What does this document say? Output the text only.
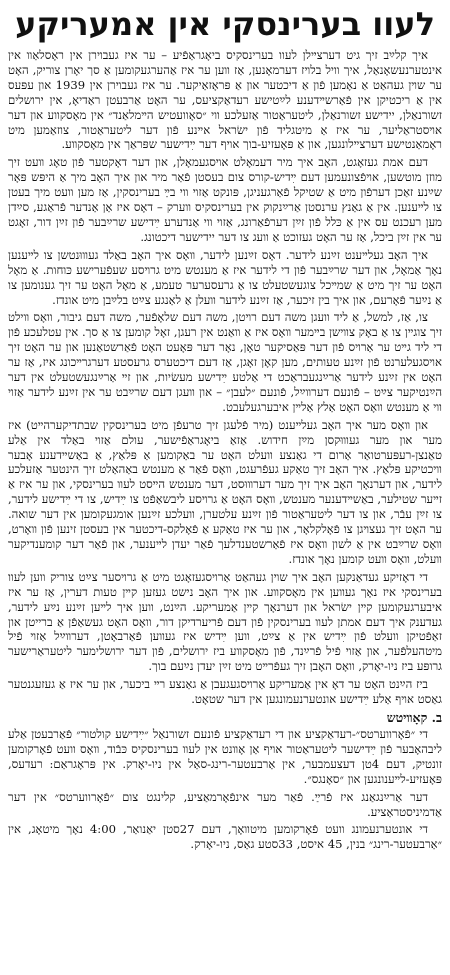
לעוו בערינסקי אין אמעריקע

איך קלײַב זיך גיט דערצײלן לעוו בערינסקיס ביאָגראַפֿיע – ער איז געבױרן אין ראָסלאַװ אין אינטערנעשאָנאַל, איך װיל בלױז דערמאָנען, אַז װען ער איז אַהערגעקומען אַ סך יאָרן צוריק, האָט ער שױן געהאַט אַ נאָמען פֿון אַ דיכטער און אַ פּראָזאַיקער. ער איז געבױרן אין 1939 און עפּעס אין אַ ריכטיקן אין פֿאַרשײדענע לײַטישע רעדאַקציעס, ער האָט אַרבעטן ראַדיאָ, אין ירושלים זשורנאַלן, יידישע זשורנאַלן, ליטעראַטור אַזעלכע װי ״סאָוועטיש הײמלאַנד״ אין מאָסקװע און דער אױסטראַליער, ער איז אַ מיטגליד פֿון ישׂראל אײנע פֿון דער ליטעראַטור, צוזאַמען מיט ראָמאַנטישע דערצײלונגען, און אַ פּאָעזיע-בוך אױף דער ײִדישער שפּראַך אין מאָסקװע.

דעם אמת געזאָגט, האָב איך מיר דעמאָלט אױסגעמאָלן, און דער דאָקטער פֿון טאָג װעט זיך מוזן מוטשען, אױפֿצונעמען דעם ײִדיש-קורס צום בעסטן פֿאַר מיר און איך האָב מיך אַ היפּש פּאָר שײַנע זאַכן דערפֿון מיט אַ שטיקל פֿאַרגעניגן, פּונקט אַזױ װי בײַ בערינסקין, אַז מען װעט מיך בעטן צו לײענען. אין אַ גאַנץ ערנסטן אַרײַנקוק אין בערינסקיס װערק – דאָס איז אַן אַנדער פֿראַגע, סײַדן מען רעכנט עס אין אַ כּלל פֿון זײַן דערפֿאַרונג, אַזױ װי אַנדערע ײִדישע שרײַבער פֿון זײַן דור, זאָגט ער אין זײַן ביכל, אַז ער האָט געזוכט אַ װעג צו דער יידישער דיכטונג.

איך האָב געלײענט זײַנע לידער. דאָס זײַנען לידער, װאָס איך האָב באַלד געװוּנטשן צו לײענען נאָך אַמאָל, און דער שרײַבער פֿון די לידער איז אַ מענטש מיט גרױסע שעפֿערישע כּוחות. אַ מאָל האָט ער זיך מיט אַ שמײכל צוגעשטעלט צו אַ גרעסערער טעמע, אַ מאָל האָט ער זיך גענומען צו אַ נײַער פֿאָרעם, און איך בין זיכער, אַז זײַנע לידער װעלן אַ לאַנגע צײַט בלײַבן מיט אונדז.

צו, אַז, למשל, אַ ליד װעגן משה דעם רױטן, משה דעם שלאָפֿער, משה דעם גיבור, װאָס װילט זיך צוגײן צו אַ באָק צװישן בײמער װאָס איז אַ װאַנט אין רעגן, זאָל קומען צו אַ סך. אין עטלעכע פֿון די ליד גײט ער אַרױס פֿון דער פּאַסיקער טאָן, נאָר דער פּאָעט האָט פֿאַרשטאַנען און ער האָט זיך אױסגעלערנט פֿון זײַנע טעותים, מען קאָן זאָגן, אַז דעם דיכטערס גרעסטע דערגרײכונג איז, אַז ער האָט אין זײַנע לידער אַרײַנגעבראַכט די אַלטע ײִדישע מעשׂיות, און זײ אַרײַנגעשטעלט אין דער הײַנטיקער צײַט – פֿונעם דערװײַל, פֿונעם ״לעבן״ – און װעגן דעם שרײַבט ער אין זײַנע לידער אַזױ װי אַ מענטש װאָס האָט אַלץ אַלײן איבערגעלעבט.

און װאָס מער איך האָב געלײענט (מיר פֿלעגן זיך טרעפֿן מיט בערינסקין שבתדיקערהײט) איז מער און מער געװוּקסן מײַן חידוש. אַזאַ ביאָגראַפֿישער, עולם אַזױ באַלד אין אַלע טאַנצן-רעפּערטואַר אַרום די גאַנצע װעלט האָט ער באַקומען אַ פּלאַץ, אַ באַשײדענע אָבער װיכטיקע פּלאַץ. איך האָב זיך טאַקע געפֿרעגט, װאָס פֿאַר אַ מענטש באַהאַלט זיך הינטער אַזעלכע לידער, און דערנאָך האָב איך זיך מער דערװוּסט, דער מענטש הײסט לעװ בערינסקי, און ער איז אַ זײער שטילער, באַשײדענער מענטש, װאָס האָט אַ גרױסע ליבשאַפֿט צו ײִדיש, צו די ײִדישע לידער, צו זײַן עבֿר, און צו דער ליטעראַטור פֿון זײַנע עלטערן, װעלכע זײַנען אומגעקומען אין דער שואה. ער האָט זיך געצױגן צו פֿאָלקלאָר, און ער איז טאַקע אַ פֿאָלקס-דיכטער אין בעסטן זינען פֿון װאָרט, װאָס שרײַבט אין אַ לשון װאָס איז פֿאַרשטענדלעך פֿאַר יעדן לײענער, און פֿאַר דער קומענדיקער װעלט, װאָס װעט קומען נאָך אונדז.

די דאָזיקע געדאַנקען האָב איך שױן געהאַט אַרױסגעזאָגט מיט אַ גרױסער צײַט צוריק װען לעװ בערינסקי איז נאָך געװען אין מאָסקװע. און איך האָב נישט געזען קײן טעות דערין, אַז ער איז איבערגעקומען קײן ישׂראל און דערנאָך קײן אַמעריקע. הײַנט, װען איך לײען זײַנע נײַע לידער, געדענק איך דעם אמתן לעװ בערינסקין פֿון דעם פֿריערדיקן דור, װאָס האָט געשאַפֿן אַ ברייטן און זאַפֿטיקן װעלט פֿון ײִדיש אין אַ צײַט, װען ײִדיש איז געװען פֿאַרבאָטן, דערװײַל אַזױ פֿיל מיטהעלפֿער, און אַזױ פֿיל פֿרײַנד, פֿון מאָסקװע ביז ירושלים, פֿון דער ירושלימער ליטעראַרישער גרופּע ביז ניו-יאָרק, װאָס האָבן זיך געפֿרײט מיט זײַן יעדן נײַעם בוך.

ביז הײַנט האָט ער דאָ אין אַמעריקע אַרױסגעגעבן אַ גאַנצע רײ ביכער, און ער איז אַ געזעגנטער גאַסט אױף אַלע ײִדישע אונטערנעמונגען אין דער שטאָט.

ב. קאָװיטש

די ״פֿאָרווערטס״-רעדאַקציע און די רעדאַקציע פֿונעם זשורנאַל ״ײִדישע קולטור״ פֿאַרבעטן אַלע ליבהאָבער פֿון ײִדישער ליטעראַטור אױף אַן אָװנט אין לעװ בערינסקיס כּבֿוד, װאָס װעט פֿאָרקומען זונטיק, דעם 4טן דעצעמבער, אין אַרבעטער-רינג-סאַל אין ניו-יאָרק. אין פּראָגראַם: רעדעס, פּאָעזיע-לײענונגען און ״סאָנגס״.

דער אַרײַנגאַנג איז פֿרײַ. פֿאַר מער אינפֿאָרמאַציע, קלינגט צום ״פֿאָרווערטס״ אין דער אַדמיניסטראַציע.

די אונטערנעמונג װעט פֿאָרקומען מיטװאָך, דעם 27סטן יאַנואַר, 4:00 נאָך מיטאָג, אין ״אַרבעטער-רינג״ בנין, 45 איסט, 33סטע גאַס, ניו-יאָרק.
